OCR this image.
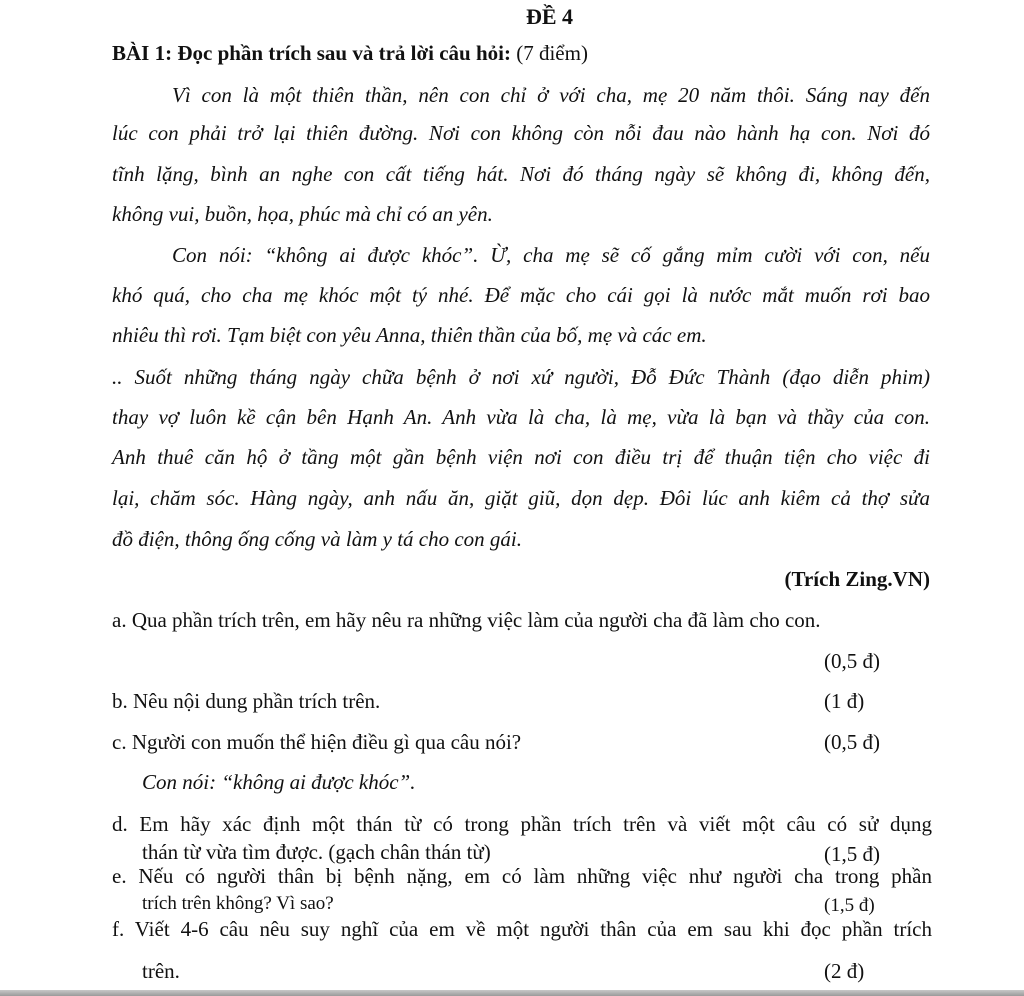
ĐỀ 4
BÀI 1: Đọc phần trích sau và trả lời câu hỏi: (7 điểm)
Vì con là một thiên thần, nên con chỉ ở với cha, mẹ 20 năm thôi. Sáng nay đến
lúc con phải trở lại thiên đường. Nơi con không còn nỗi đau nào hành hạ con. Nơi đó
tĩnh lặng, bình an nghe con cất tiếng hát. Nơi đó tháng ngày sẽ không đi, không đến,
không vui, buồn, họa, phúc mà chỉ có an yên.
Con nói: “không ai được khóc”. Ừ, cha mẹ sẽ cố gắng mỉm cười với con, nếu
khó quá, cho cha mẹ khóc một tý nhé. Để mặc cho cái gọi là nước mắt muốn rơi bao
nhiêu thì rơi. Tạm biệt con yêu Anna, thiên thần của bố, mẹ và các em.
.. Suốt những tháng ngày chữa bệnh ở nơi xứ người, Đỗ Đức Thành (đạo diễn phim)
thay vợ luôn kề cận bên Hạnh An. Anh vừa là cha, là mẹ, vừa là bạn và thầy của con.
Anh thuê căn hộ ở tầng một gần bệnh viện nơi con điều trị để thuận tiện cho việc đi
lại, chăm sóc. Hàng ngày, anh nấu ăn, giặt giũ, dọn dẹp. Đôi lúc anh kiêm cả thợ sửa
đồ điện, thông ống cống và làm y tá cho con gái.
(Trích Zing.VN)
a. Qua phần trích trên, em hãy nêu ra những việc làm của người cha đã làm cho con.
(0,5 đ)
b. Nêu nội dung phần trích trên.	(1 đ)
c. Người con muốn thể hiện điều gì qua câu nói?	(0,5 đ)
Con nói: “không ai được khóc”.
d. Em hãy xác định một thán từ có trong phần trích trên và viết một câu có sử dụng
thán từ vừa tìm được. (gạch chân thán từ)	(1,5 đ)
e. Nếu có người thân bị bệnh nặng, em có làm những việc như người cha trong phần
trích trên không? Vì sao?	(1,5 đ)
f. Viết 4-6 câu nêu suy nghĩ của em về một người thân của em sau khi đọc phần trích
trên.	(2 đ)
